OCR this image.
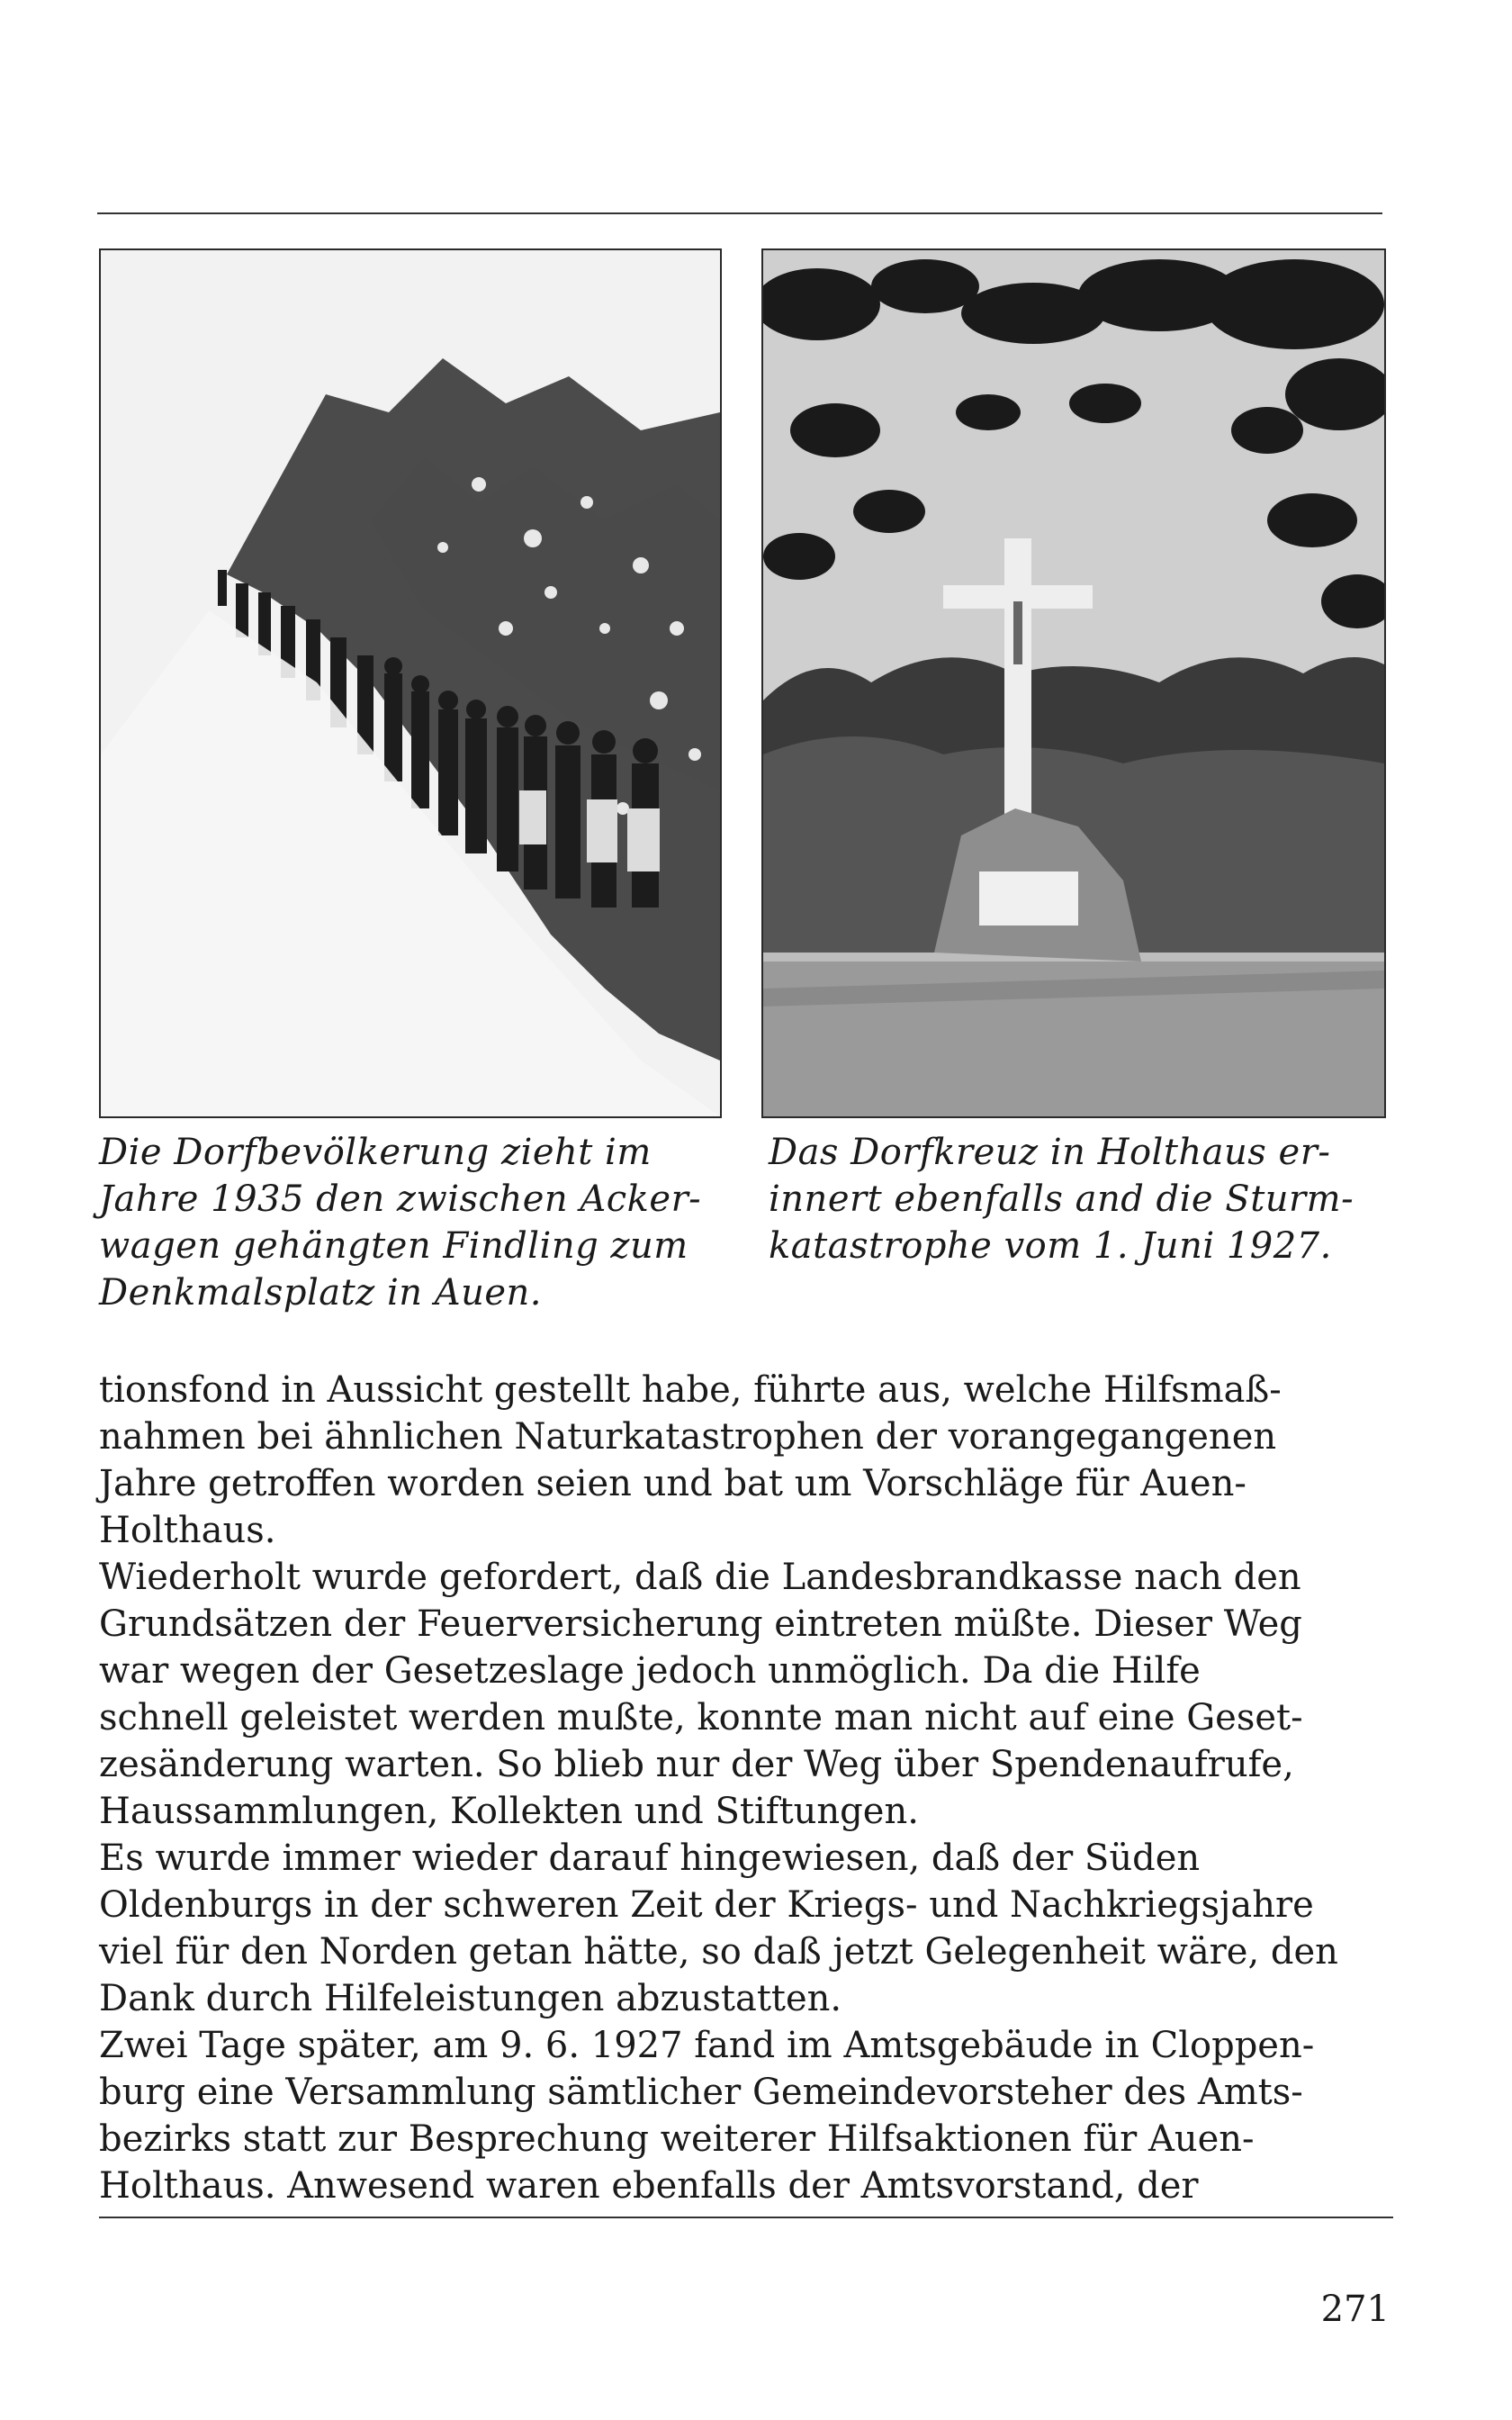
Die Dorfbevölkerung zieht im
Jahre 1935 den zwischen Acker-
wagen gehängten Findling zum
Denkmalsplatz in Auen.
Das Dorfkreuz in Holthaus er-
innert ebenfalls and die Sturm-
katastrophe vom 1. Juni 1927.
tionsfond in Aussicht gestellt habe, führte aus, welche Hilfsmaß-
nahmen bei ähnlichen Naturkatastrophen der vorangegangenen
Jahre getroffen worden seien und bat um Vorschläge für Auen-
Holthaus.
Wiederholt wurde gefordert, daß die Landesbrandkasse nach den
Grundsätzen der Feuerversicherung eintreten müßte. Dieser Weg
war wegen der Gesetzeslage jedoch unmöglich. Da die Hilfe
schnell geleistet werden mußte, konnte man nicht auf eine Geset-
zesänderung warten. So blieb nur der Weg über Spendenaufrufe,
Haussammlungen, Kollekten und Stiftungen.
Es wurde immer wieder darauf hingewiesen, daß der Süden
Oldenburgs in der schweren Zeit der Kriegs- und Nachkriegsjahre
viel für den Norden getan hätte, so daß jetzt Gelegenheit wäre, den
Dank durch Hilfeleistungen abzustatten.
Zwei Tage später, am 9. 6. 1927 fand im Amtsgebäude in Cloppen-
burg eine Versammlung sämtlicher Gemeindevorsteher des Amts-
bezirks statt zur Besprechung weiterer Hilfsaktionen für Auen-
Holthaus. Anwesend waren ebenfalls der Amtsvorstand, der
271
